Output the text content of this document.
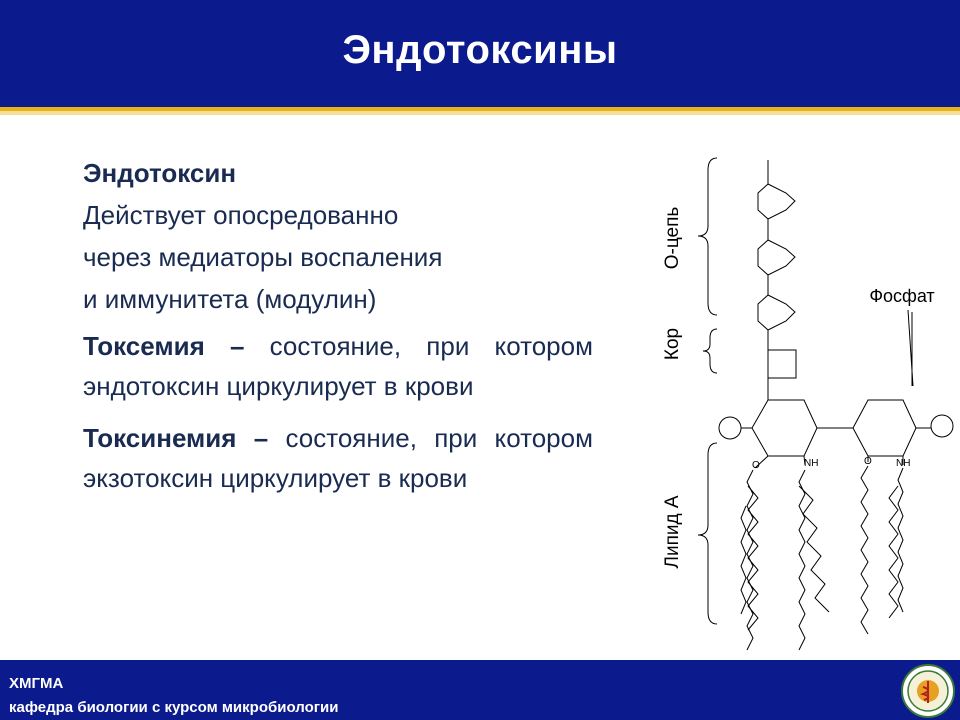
Эндотоксины
Эндотоксин
Действует опосредованно
через медиаторы воспаления
и иммунитета (модулин)
Токсемия – состояние, при котором эндотоксин циркулирует в крови
Токсинемия – состояние, при котором экзотоксин циркулирует в крови
О-цепь
Кор
Липид А
Фосфат
O	NH	O NH
ХМГМА
кафедра биологии с курсом микробиологии
